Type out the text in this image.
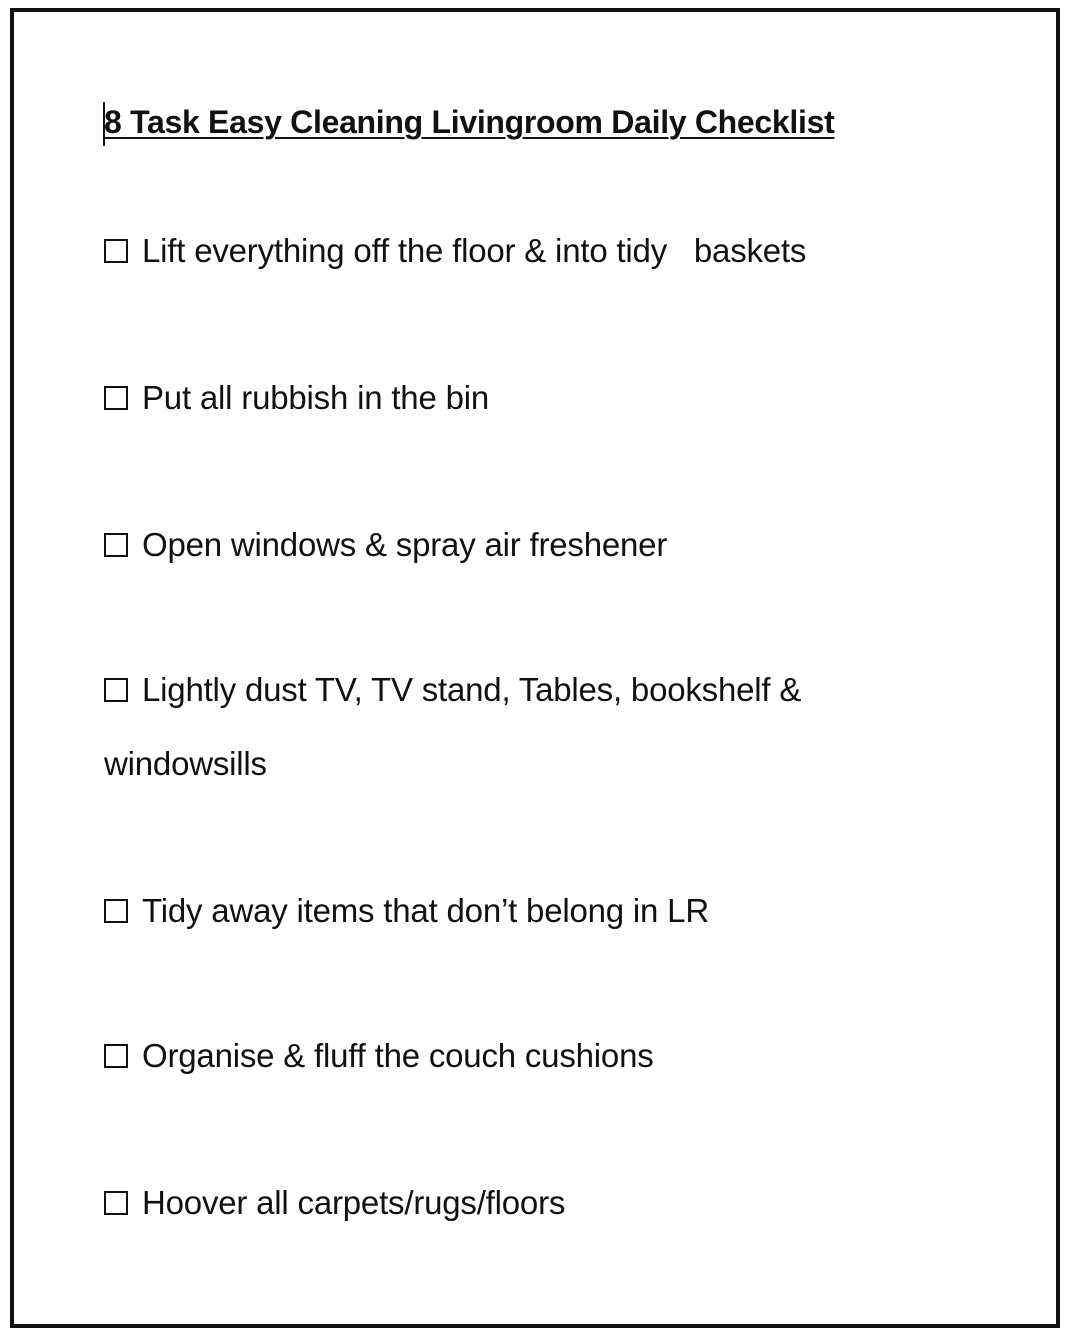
8 Task Easy Cleaning Livingroom Daily Checklist
Lift everything off the floor & into tidy   baskets
Put all rubbish in the bin
Open windows & spray air freshener
Lightly dust TV, TV stand, Tables, bookshelf &
windowsills
Tidy away items that don’t belong in LR
Organise & fluff the couch cushions
Hoover all carpets/rugs/floors
